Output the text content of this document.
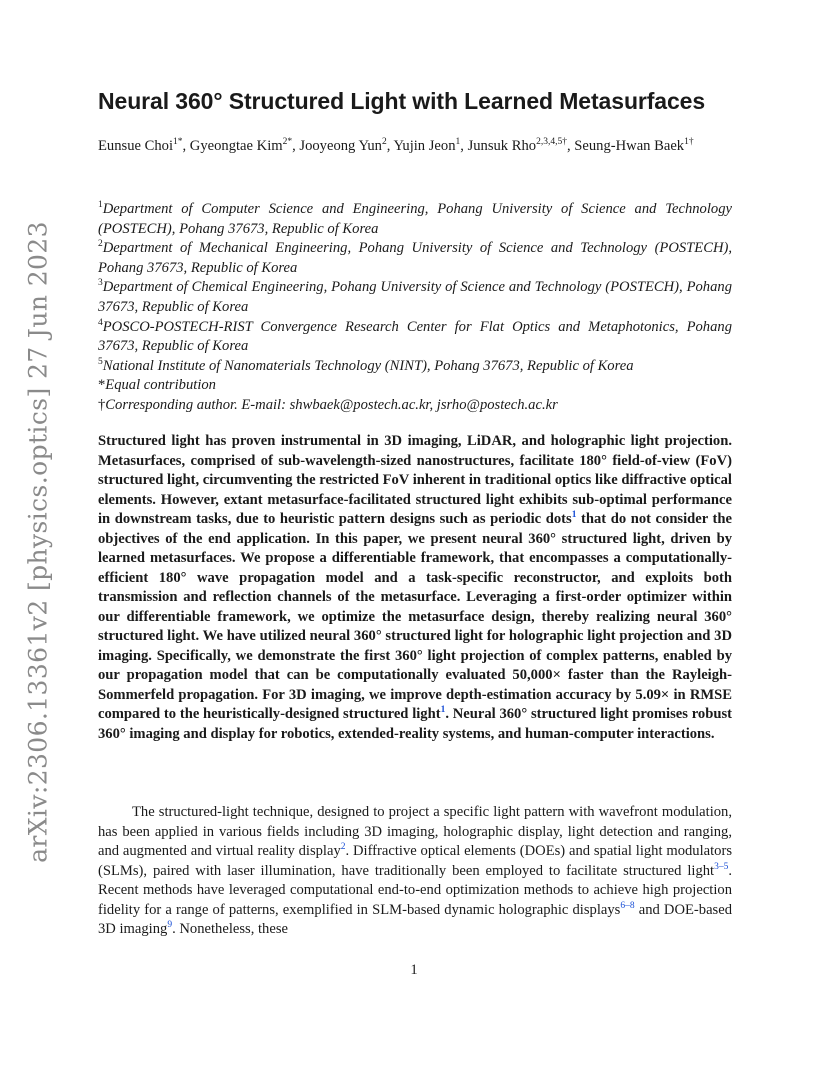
arXiv:2306.13361v2 [physics.optics] 27 Jun 2023
Neural 360° Structured Light with Learned Metasurfaces
Eunsue Choi$^{1*}$, Gyeongtae Kim$^{2*}$, Jooyeong Yun$^2$, Yujin Jeon$^1$, Junsuk Rho$^{2,3,4,5\dagger}$, Seung-Hwan Baek$^{1\dagger}$
$^1$Department of Computer Science and Engineering, Pohang University of Science and Technology (POSTECH), Pohang 37673, Republic of Korea
$^2$Department of Mechanical Engineering, Pohang University of Science and Technology (POSTECH), Pohang 37673, Republic of Korea
$^3$Department of Chemical Engineering, Pohang University of Science and Technology (POSTECH), Pohang 37673, Republic of Korea
$^4$POSCO-POSTECH-RIST Convergence Research Center for Flat Optics and Metaphotonics, Pohang 37673, Republic of Korea
$^5$National Institute of Nanomaterials Technology (NINT), Pohang 37673, Republic of Korea
*Equal contribution
†Corresponding author. E-mail: shwbaek@postech.ac.kr, jsrho@postech.ac.kr

Structured light has proven instrumental in 3D imaging, LiDAR, and holographic light projection. Metasurfaces, comprised of sub-wavelength-sized nanostructures, facilitate 180° field-of-view (FoV) structured light, circumventing the restricted FoV inherent in traditional optics like diffractive optical elements. However, extant metasurface-facilitated structured light exhibits sub-optimal performance in downstream tasks, due to heuristic pattern designs such as periodic dots$^1$ that do not consider the objectives of the end application. In this paper, we present neural 360° structured light, driven by learned metasurfaces. We propose a differentiable framework, that encompasses a computationally-efficient 180° wave propagation model and a task-specific reconstructor, and exploits both transmission and reflection channels of the metasurface. Leveraging a first-order optimizer within our differentiable framework, we optimize the metasurface design, thereby realizing neural 360° structured light. We have utilized neural 360° structured light for holographic light projection and 3D imaging. Specifically, we demonstrate the first 360° light projection of complex patterns, enabled by our propagation model that can be computationally evaluated 50,000× faster than the Rayleigh-Sommerfeld propagation. For 3D imaging, we improve depth-estimation accuracy by 5.09× in RMSE compared to the heuristically-designed structured light$^1$. Neural 360° structured light promises robust 360° imaging and display for robotics, extended-reality systems, and human-computer interactions.

The structured-light technique, designed to project a specific light pattern with wavefront modulation, has been applied in various fields including 3D imaging, holographic display, light detection and ranging, and augmented and virtual reality display$^2$. Diffractive optical elements (DOEs) and spatial light modulators (SLMs), paired with laser illumination, have traditionally been employed to facilitate structured light$^{3-5}$. Recent methods have leveraged computational end-to-end optimization methods to achieve high projection fidelity for a range of patterns, exemplified in SLM-based dynamic holographic displays$^{6-8}$ and DOE-based 3D imaging$^9$. Nonetheless, these

1
